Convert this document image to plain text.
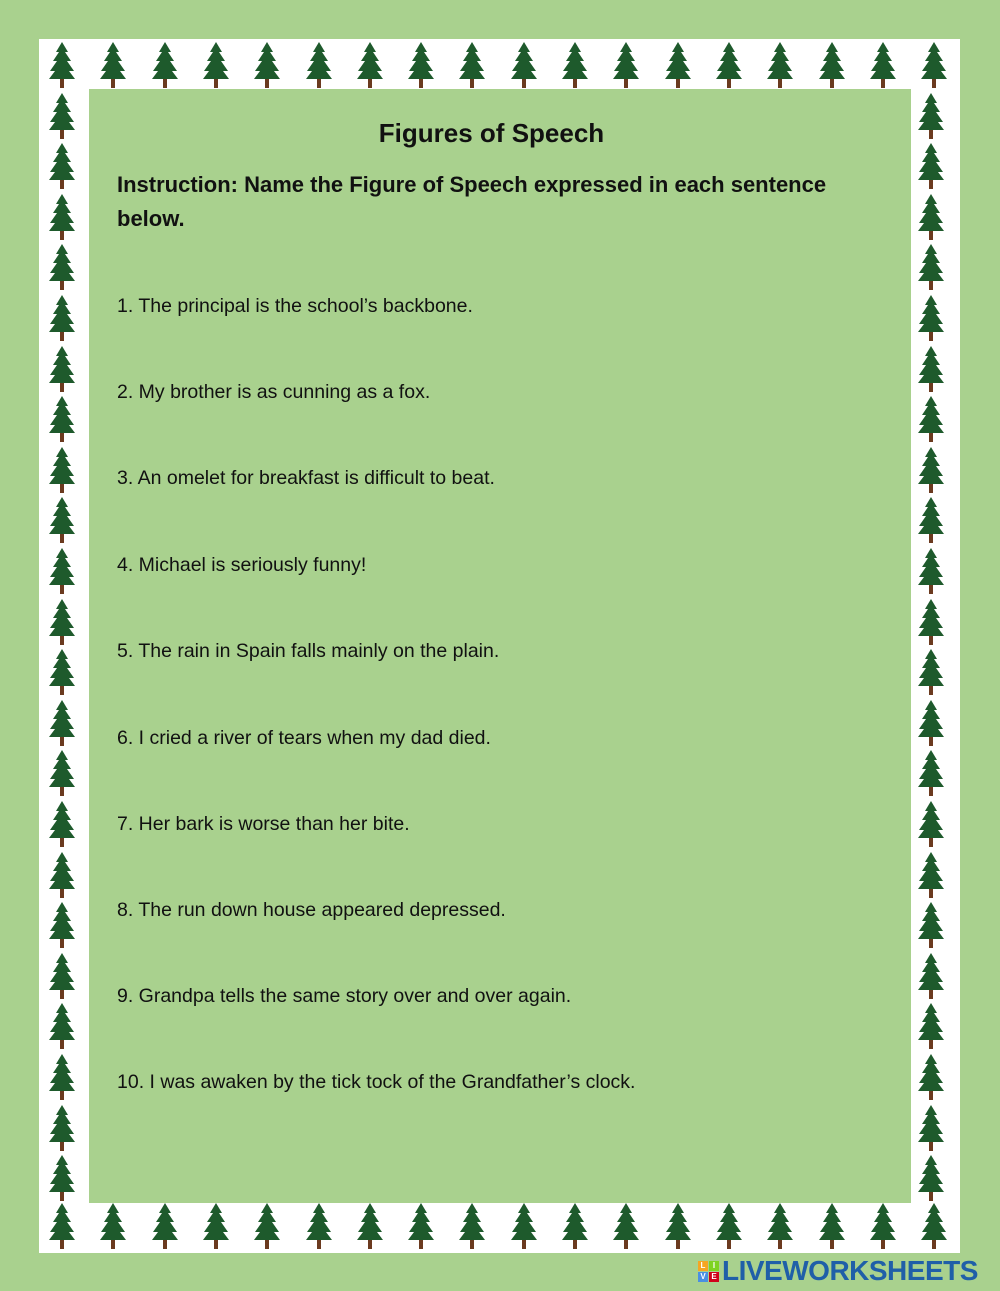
Figures of Speech
Instruction: Name the Figure of Speech expressed in each sentence below.
1. The principal is the school’s backbone.
2. My brother is as cunning as a fox.
3. An omelet for breakfast is difficult to beat.
4. Michael is seriously funny!
5. The rain in Spain falls mainly on the plain.
6. I cried a river of tears when my dad died.
7. Her bark is worse than her bite.
8. The run down house appeared depressed.
9. Grandpa tells the same story over and over again.
10. I was awaken by the tick tock of the Grandfather’s clock.
L I
V E LIVEWORKSHEETS
